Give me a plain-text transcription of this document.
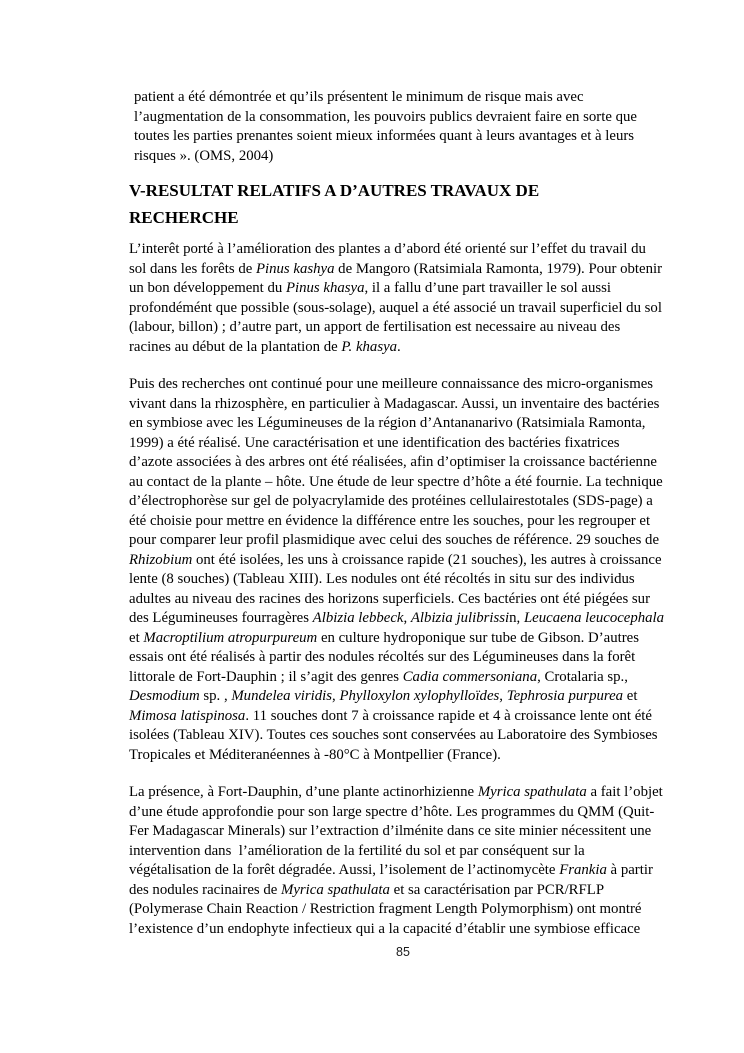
patient a été démontrée et qu’ils présentent le minimum de risque mais avec
l’augmentation de la consommation, les pouvoirs publics devraient faire en sorte que
toutes les parties prenantes soient mieux informées quant à leurs avantages et à leurs
risques ». (OMS, 2004)
V-RESULTAT RELATIFS A D’AUTRES TRAVAUX DE
RECHERCHE
L’interêt porté à l’amélioration des plantes a d’abord été orienté sur l’effet du travail du
sol dans les forêts de Pinus kashya de Mangoro (Ratsimiala Ramonta, 1979). Pour obtenir
un bon développement du Pinus khasya, il a fallu d’une part travailler le sol aussi
profondémént que possible (sous-solage), auquel a été associé un travail superficiel du sol
(labour, billon) ; d’autre part, un apport de fertilisation est necessaire au niveau des
racines au début de la plantation de P. khasya.
Puis des recherches ont continué pour une meilleure connaissance des micro-organismes
vivant dans la rhizosphère, en particulier à Madagascar. Aussi, un inventaire des bactéries
en symbiose avec les Légumineuses de la région d’Antananarivo (Ratsimiala Ramonta,
1999) a été réalisé. Une caractérisation et une identification des bactéries fixatrices
d’azote associées à des arbres ont été réalisées, afin d’optimiser la croissance bactérienne
au contact de la plante – hôte. Une étude de leur spectre d’hôte a été fournie. La technique
d’électrophorèse sur gel de polyacrylamide des protéines cellulairestotales (SDS-page) a
été choisie pour mettre en évidence la différence entre les souches, pour les regrouper et
pour comparer leur profil plasmidique avec celui des souches de référence. 29 souches de
Rhizobium ont été isolées, les uns à croissance rapide (21 souches), les autres à croissance
lente (8 souches) (Tableau XIII). Les nodules ont été récoltés in situ sur des individus
adultes au niveau des racines des horizons superficiels. Ces bactéries ont été piégées sur
des Légumineuses fourragères Albizia lebbeck, Albizia julibrissin, Leucaena leucocephala
et Macroptilium atropurpureum en culture hydroponique sur tube de Gibson. D’autres
essais ont été réalisés à partir des nodules récoltés sur des Légumineuses dans la forêt
littorale de Fort-Dauphin ; il s’agit des genres Cadia commersoniana, Crotalaria sp.,
Desmodium sp. , Mundelea viridis, Phylloxylon xylophylloïdes, Tephrosia purpurea et
Mimosa latispinosa. 11 souches dont 7 à croissance rapide et 4 à croissance lente ont été
isolées (Tableau XIV). Toutes ces souches sont conservées au Laboratoire des Symbioses
Tropicales et Méditeranéennes à -80°C à Montpellier (France).
La présence, à Fort-Dauphin, d’une plante actinorhizienne Myrica spathulata a fait l’objet
d’une étude approfondie pour son large spectre d’hôte. Les programmes du QMM (Quit-
Fer Madagascar Minerals) sur l’extraction d’ilménite dans ce site minier nécessitent une
intervention dans  l’amélioration de la fertilité du sol et par conséquent sur la
végétalisation de la forêt dégradée. Aussi, l’isolement de l’actinomycète Frankia à partir
des nodules racinaires de Myrica spathulata et sa caractérisation par PCR/RFLP
(Polymerase Chain Reaction / Restriction fragment Length Polymorphism) ont montré
l’existence d’un endophyte infectieux qui a la capacité d’établir une symbiose efficace
85
